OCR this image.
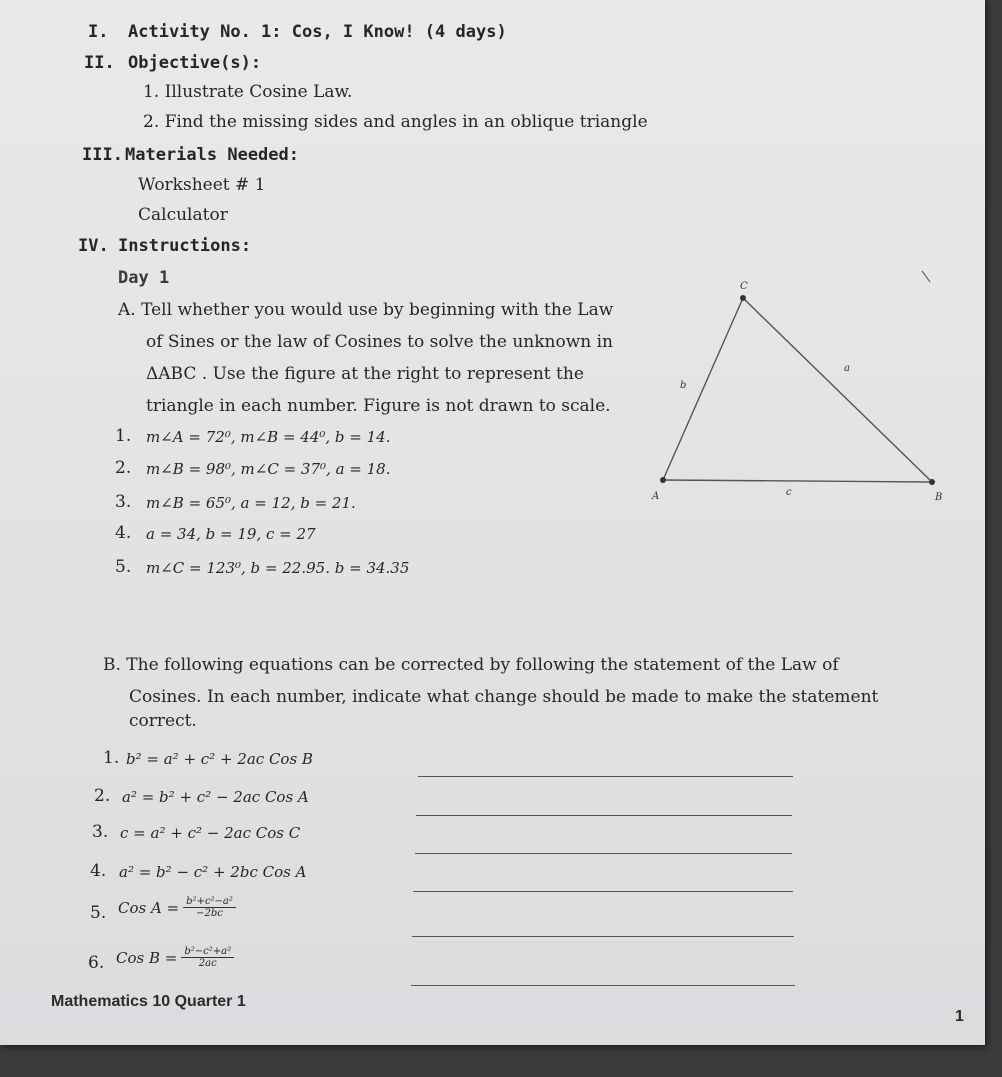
I. Activity No. 1: Cos, I Know! (4 days)
II. Objective(s):
1. Illustrate Cosine Law.
2. Find the missing sides and angles in an oblique triangle
III. Materials Needed:
Worksheet # 1
Calculator
IV. Instructions:
Day 1
A. Tell whether you would use by beginning with the Law
of Sines or the law of Cosines to solve the unknown in
ΔABC . Use the figure at the right to represent the
triangle in each number. Figure is not drawn to scale.
1. m∠A = 72⁰, m∠B = 44⁰, b = 14.
2. m∠B = 98⁰, m∠C = 37⁰, a = 18.
3. m∠B = 65⁰, a = 12, b = 21.
4. a = 34, b = 19, c = 27
5. m∠C = 123⁰, b = 22.95. b = 34.35
C
A	B
a
b
c
B. The following equations can be corrected by following the statement of the Law of
Cosines. In each number, indicate what change should be made to make the statement
correct.
1. b² = a² + c² + 2ac Cos B
2. a² = b² + c² − 2ac Cos A
3. c = a² + c² − 2ac Cos C
4. a² = b² − c² + 2bc Cos A
5. Cos $A = \frac{\text{b²+c²−a²}}{-2bc}$
6. Cos $B = \frac{\text{b²−c²+a²}}{2ac}$
Mathematics 10 Quarter 1
1
